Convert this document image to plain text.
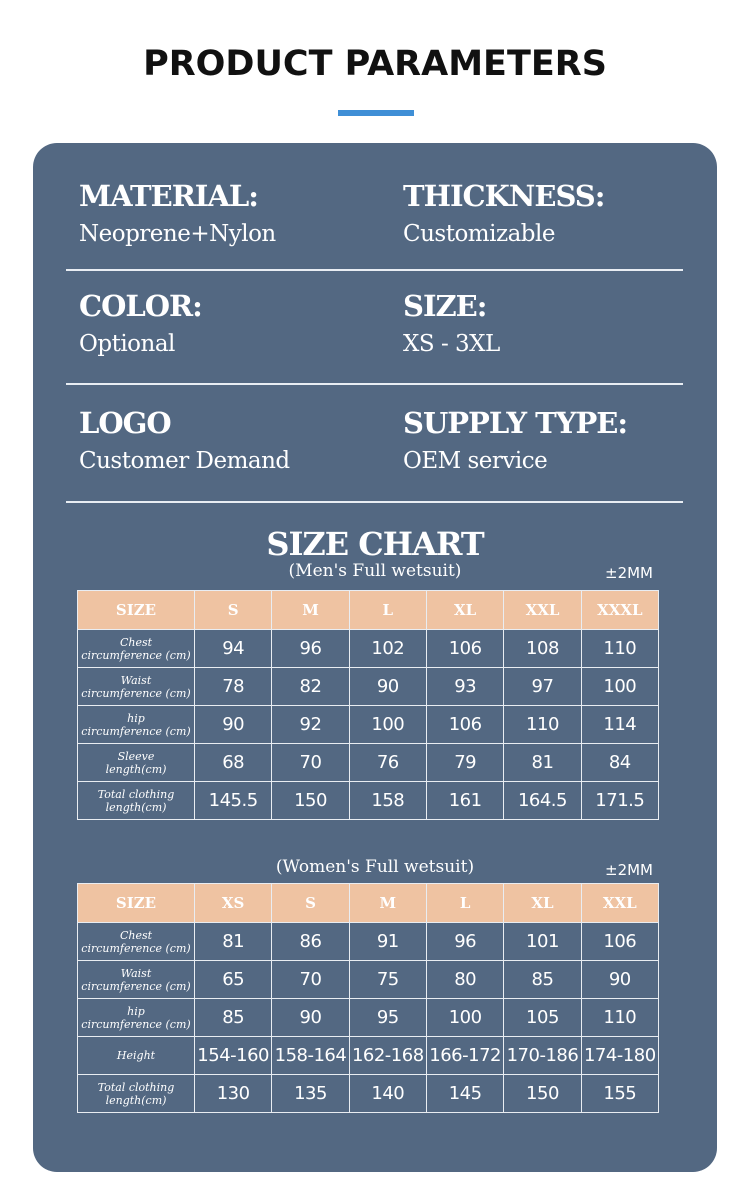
PRODUCT PARAMETERS
MATERIAL:
Neoprene+Nylon
THICKNESS:
Customizable
COLOR:
Optional
SIZE:
XS - 3XL
LOGO
Customer Demand
SUPPLY TYPE:
OEM service
SIZE CHART
(Men's Full wetsuit)	±2MM
SIZE	S	M	L	XL	XXL	XXXL

Chest
circumference (cm)	94	96	102	106	108	110

Waist
circumference (cm)	78	82	90	93	97	100

hip
circumference (cm)	90	92	100	106	110	114

Sleeve
length(cm)	68	70	76	79	81	84

Total clothing
length(cm)	145.5	150	158	161	164.5	171.5
(Women's Full wetsuit)	±2MM
SIZE	XS	S	M	L	XL	XXL

Chest
circumference (cm)	81	86	91	96	101	106

Waist
circumference (cm)	65	70	75	80	85	90

hip
circumference (cm)	85	90	95	100	105	110

Height	154-160	158-164	162-168	166-172	170-186	174-180

Total clothing
length(cm)	130	135	140	145	150	155
